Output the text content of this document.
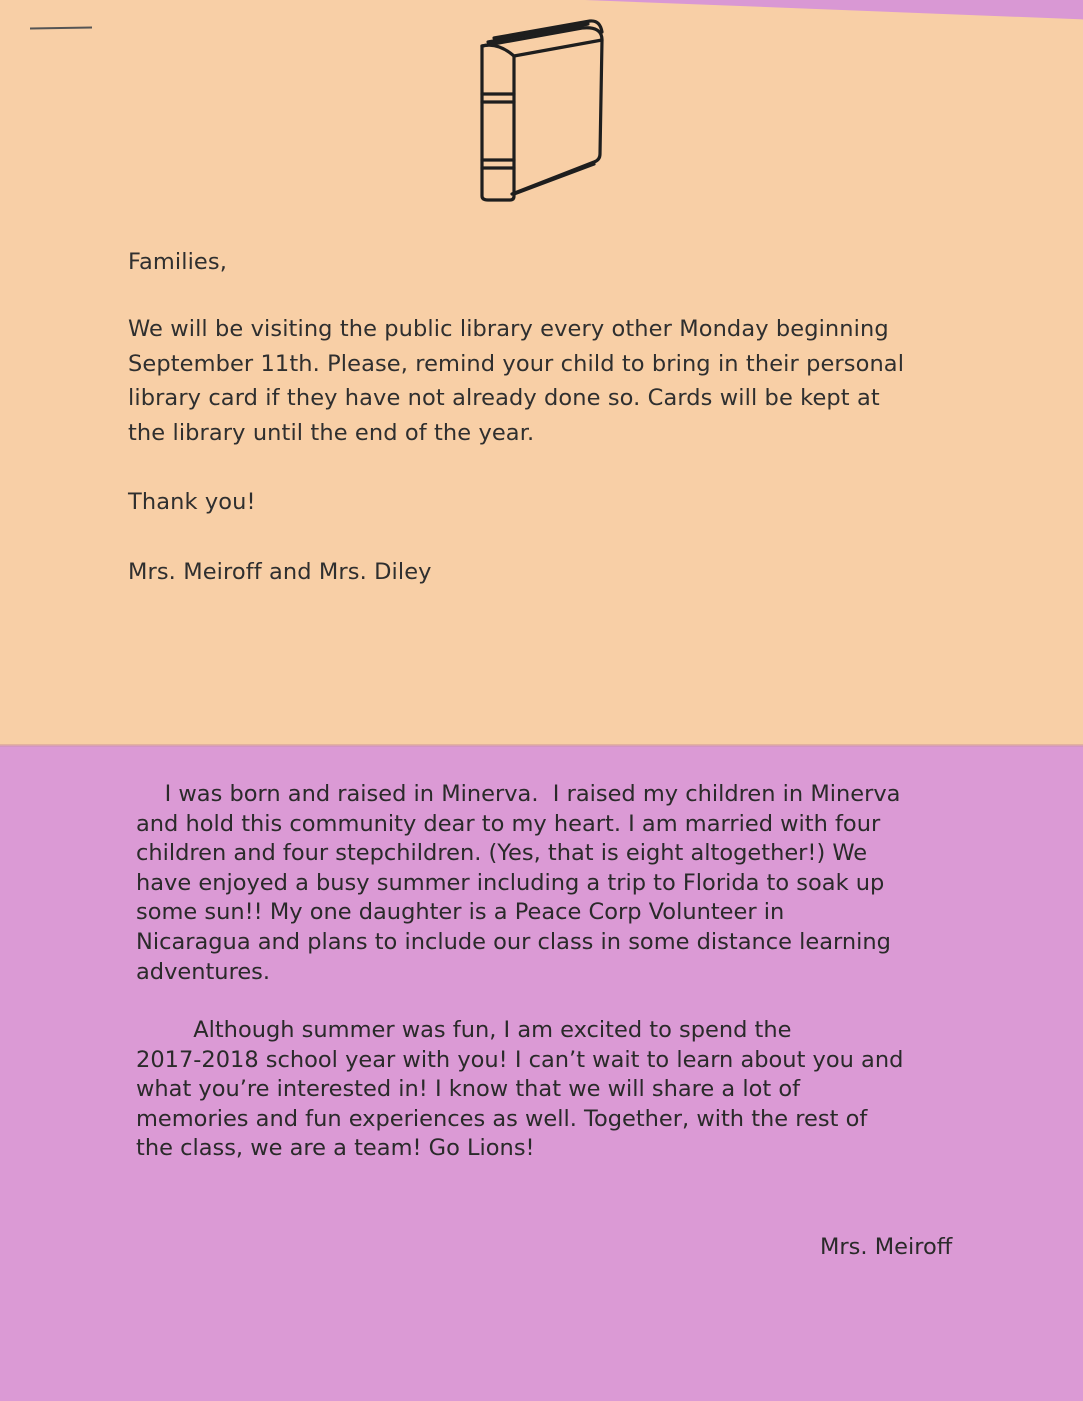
Families,

We will be visiting the public library every other Monday beginning
September 11th. Please, remind your child to bring in their personal
library card if they have not already done so. Cards will be kept at
the library until the end of the year.

Thank you!

Mrs. Meiroff and Mrs. Diley

I was born and raised in Minerva.  I raised my children in Minerva
and hold this community dear to my heart. I am married with four
children and four stepchildren. (Yes, that is eight altogether!) We
have enjoyed a busy summer including a trip to Florida to soak up
some sun!! My one daughter is a Peace Corp Volunteer in
Nicaragua and plans to include our class in some distance learning
adventures.

Although summer was fun, I am excited to spend the
2017-2018 school year with you! I can’t wait to learn about you and
what you’re interested in! I know that we will share a lot of
memories and fun experiences as well. Together, with the rest of
the class, we are a team! Go Lions!

Mrs. Meiroff
